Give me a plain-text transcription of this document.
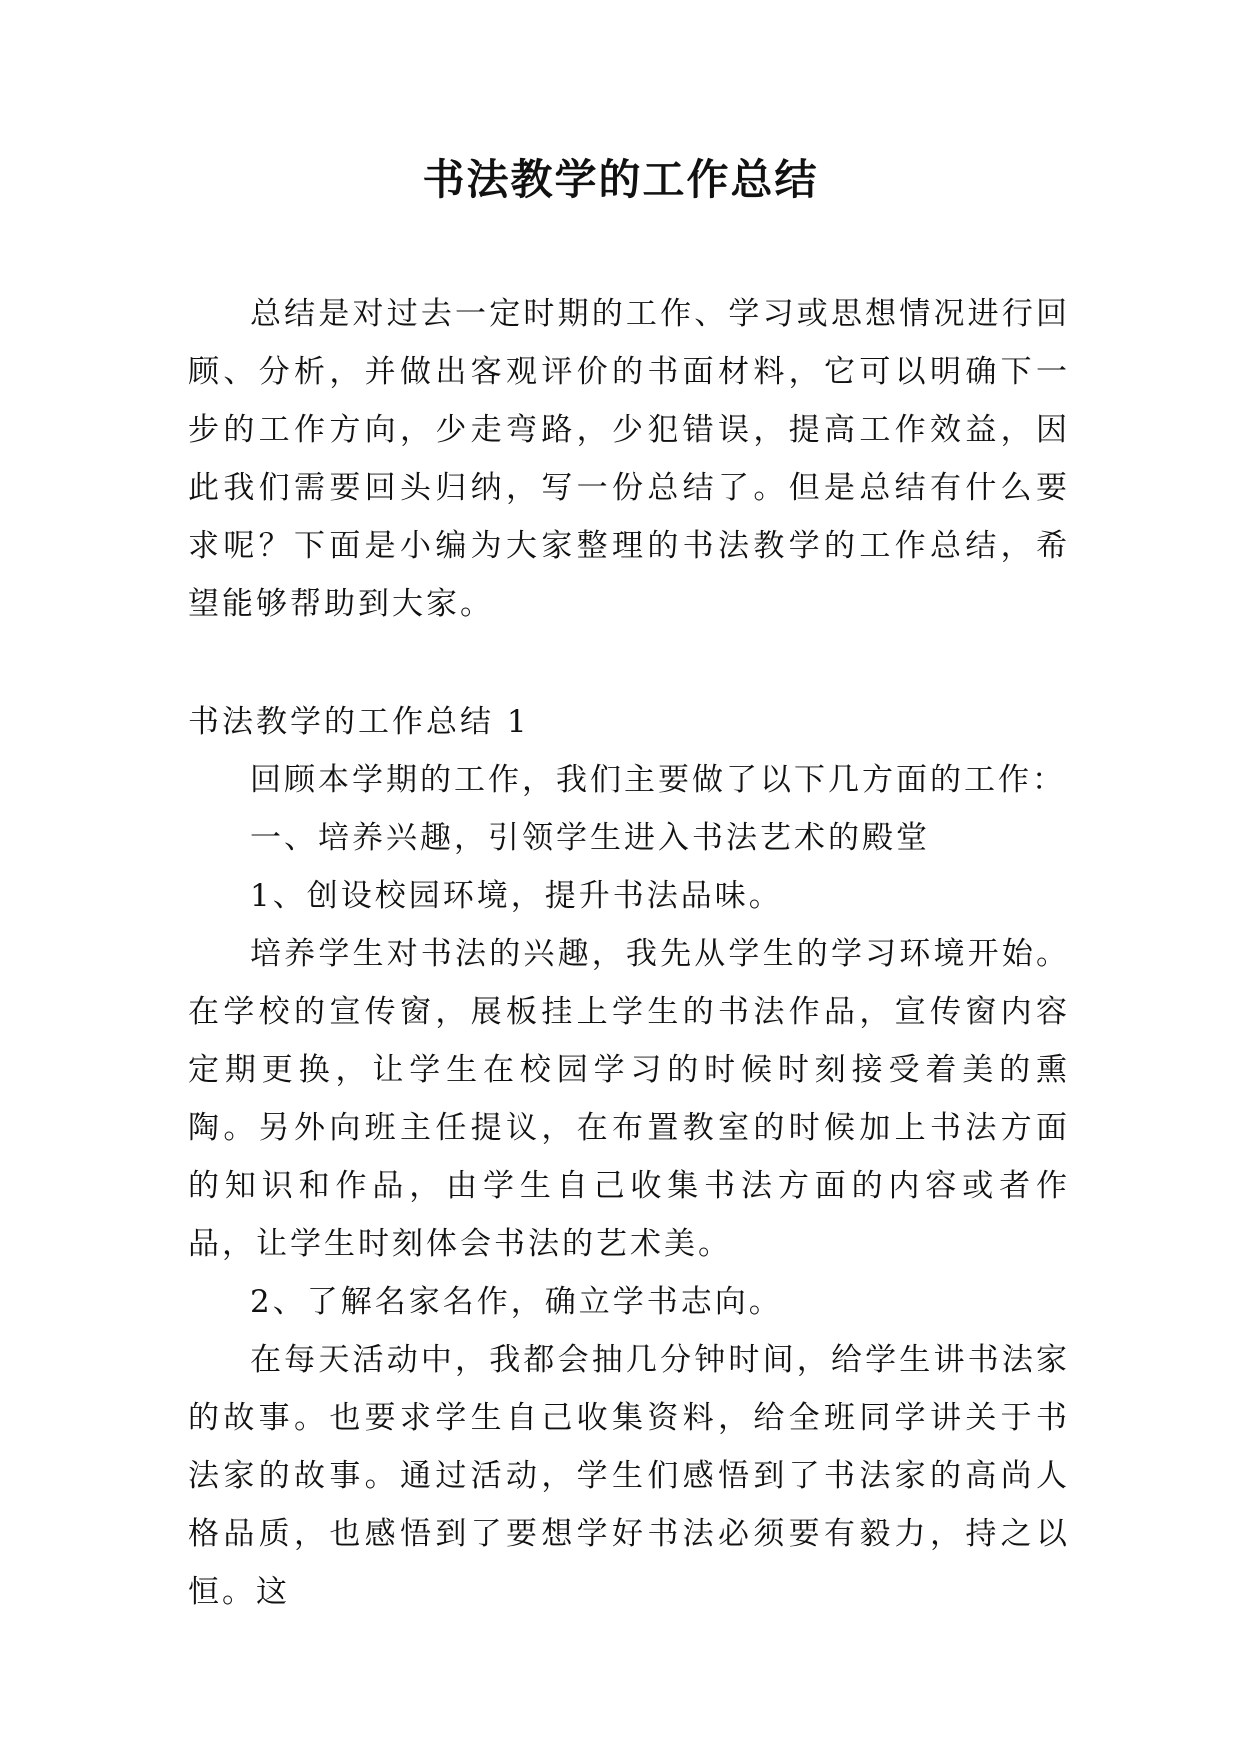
书法教学的工作总结

总结是对过去一定时期的工作、学习或思想情况进行回顾、分析，并做出客观评价的书面材料，它可以明确下一步的工作方向，少走弯路，少犯错误，提高工作效益，因此我们需要回头归纳，写一份总结了。但是总结有什么要求呢？下面是小编为大家整理的书法教学的工作总结，希望能够帮助到大家。

书法教学的工作总结 1

回顾本学期的工作，我们主要做了以下几方面的工作：

一、培养兴趣，引领学生进入书法艺术的殿堂

1、创设校园环境，提升书法品味。

培养学生对书法的兴趣，我先从学生的学习环境开始。在学校的宣传窗，展板挂上学生的书法作品，宣传窗内容定期更换，让学生在校园学习的时候时刻接受着美的熏陶。另外向班主任提议，在布置教室的时候加上书法方面的知识和作品，由学生自己收集书法方面的内容或者作品，让学生时刻体会书法的艺术美。

2、了解名家名作，确立学书志向。

在每天活动中，我都会抽几分钟时间，给学生讲书法家的故事。也要求学生自己收集资料，给全班同学讲关于书法家的故事。通过活动，学生们感悟到了书法家的高尚人格品质，也感悟到了要想学好书法必须要有毅力，持之以恒。这
